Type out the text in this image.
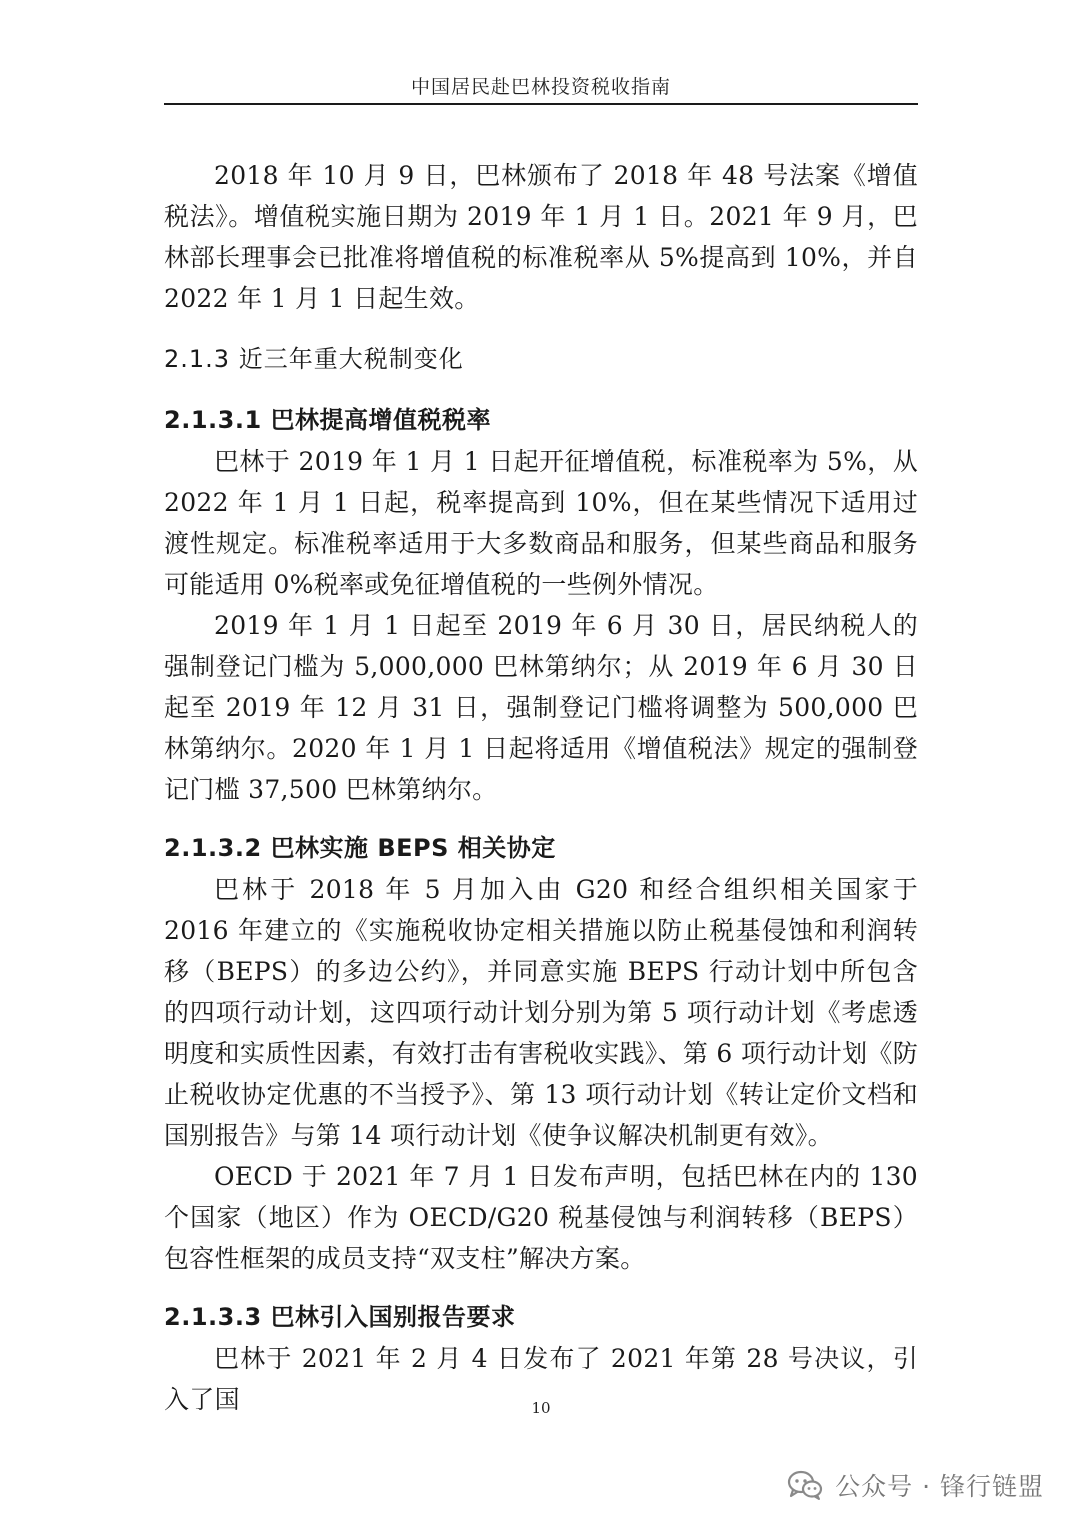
中国居民赴巴林投资税收指南

2018 年 10 月 9 日，巴林颁布了 2018 年 48 号法案《增值税法》。增值税实施日期为 2019 年 1 月 1 日。2021 年 9 月，巴林部长理事会已批准将增值税的标准税率从 5%提高到 10%，并自 2022 年 1 月 1 日起生效。

2.1.3 近三年重大税制变化
2.1.3.1 巴林提高增值税税率

巴林于 2019 年 1 月 1 日起开征增值税，标准税率为 5%，从 2022 年 1 月 1 日起，税率提高到 10%，但在某些情况下适用过渡性规定。标准税率适用于大多数商品和服务，但某些商品和服务可能适用 0%税率或免征增值税的一些例外情况。

2019 年 1 月 1 日起至 2019 年 6 月 30 日，居民纳税人的强制登记门槛为 5,000,000 巴林第纳尔；从 2019 年 6 月 30 日起至 2019 年 12 月 31 日，强制登记门槛将调整为 500,000 巴林第纳尔。2020 年 1 月 1 日起将适用《增值税法》规定的强制登记门槛 37,500 巴林第纳尔。

2.1.3.2 巴林实施 BEPS 相关协定

巴林于 2018 年 5 月加入由 G20 和经合组织相关国家于 2016 年建立的《实施税收协定相关措施以防止税基侵蚀和利润转移（BEPS）的多边公约》，并同意实施 BEPS 行动计划中所包含的四项行动计划，这四项行动计划分别为第 5 项行动计划《考虑透明度和实质性因素，有效打击有害税收实践》、第 6 项行动计划《防止税收协定优惠的不当授予》、第 13 项行动计划《转让定价文档和国别报告》与第 14 项行动计划《使争议解决机制更有效》。

OECD 于 2021 年 7 月 1 日发布声明，包括巴林在内的 130 个国家（地区）作为 OECD/G20 税基侵蚀与利润转移（BEPS）包容性框架的成员支持“双支柱”解决方案。

2.1.3.3 巴林引入国别报告要求

巴林于 2021 年 2 月 4 日发布了 2021 年第 28 号决议，引入了国	10
公众号 · 锋行链盟
